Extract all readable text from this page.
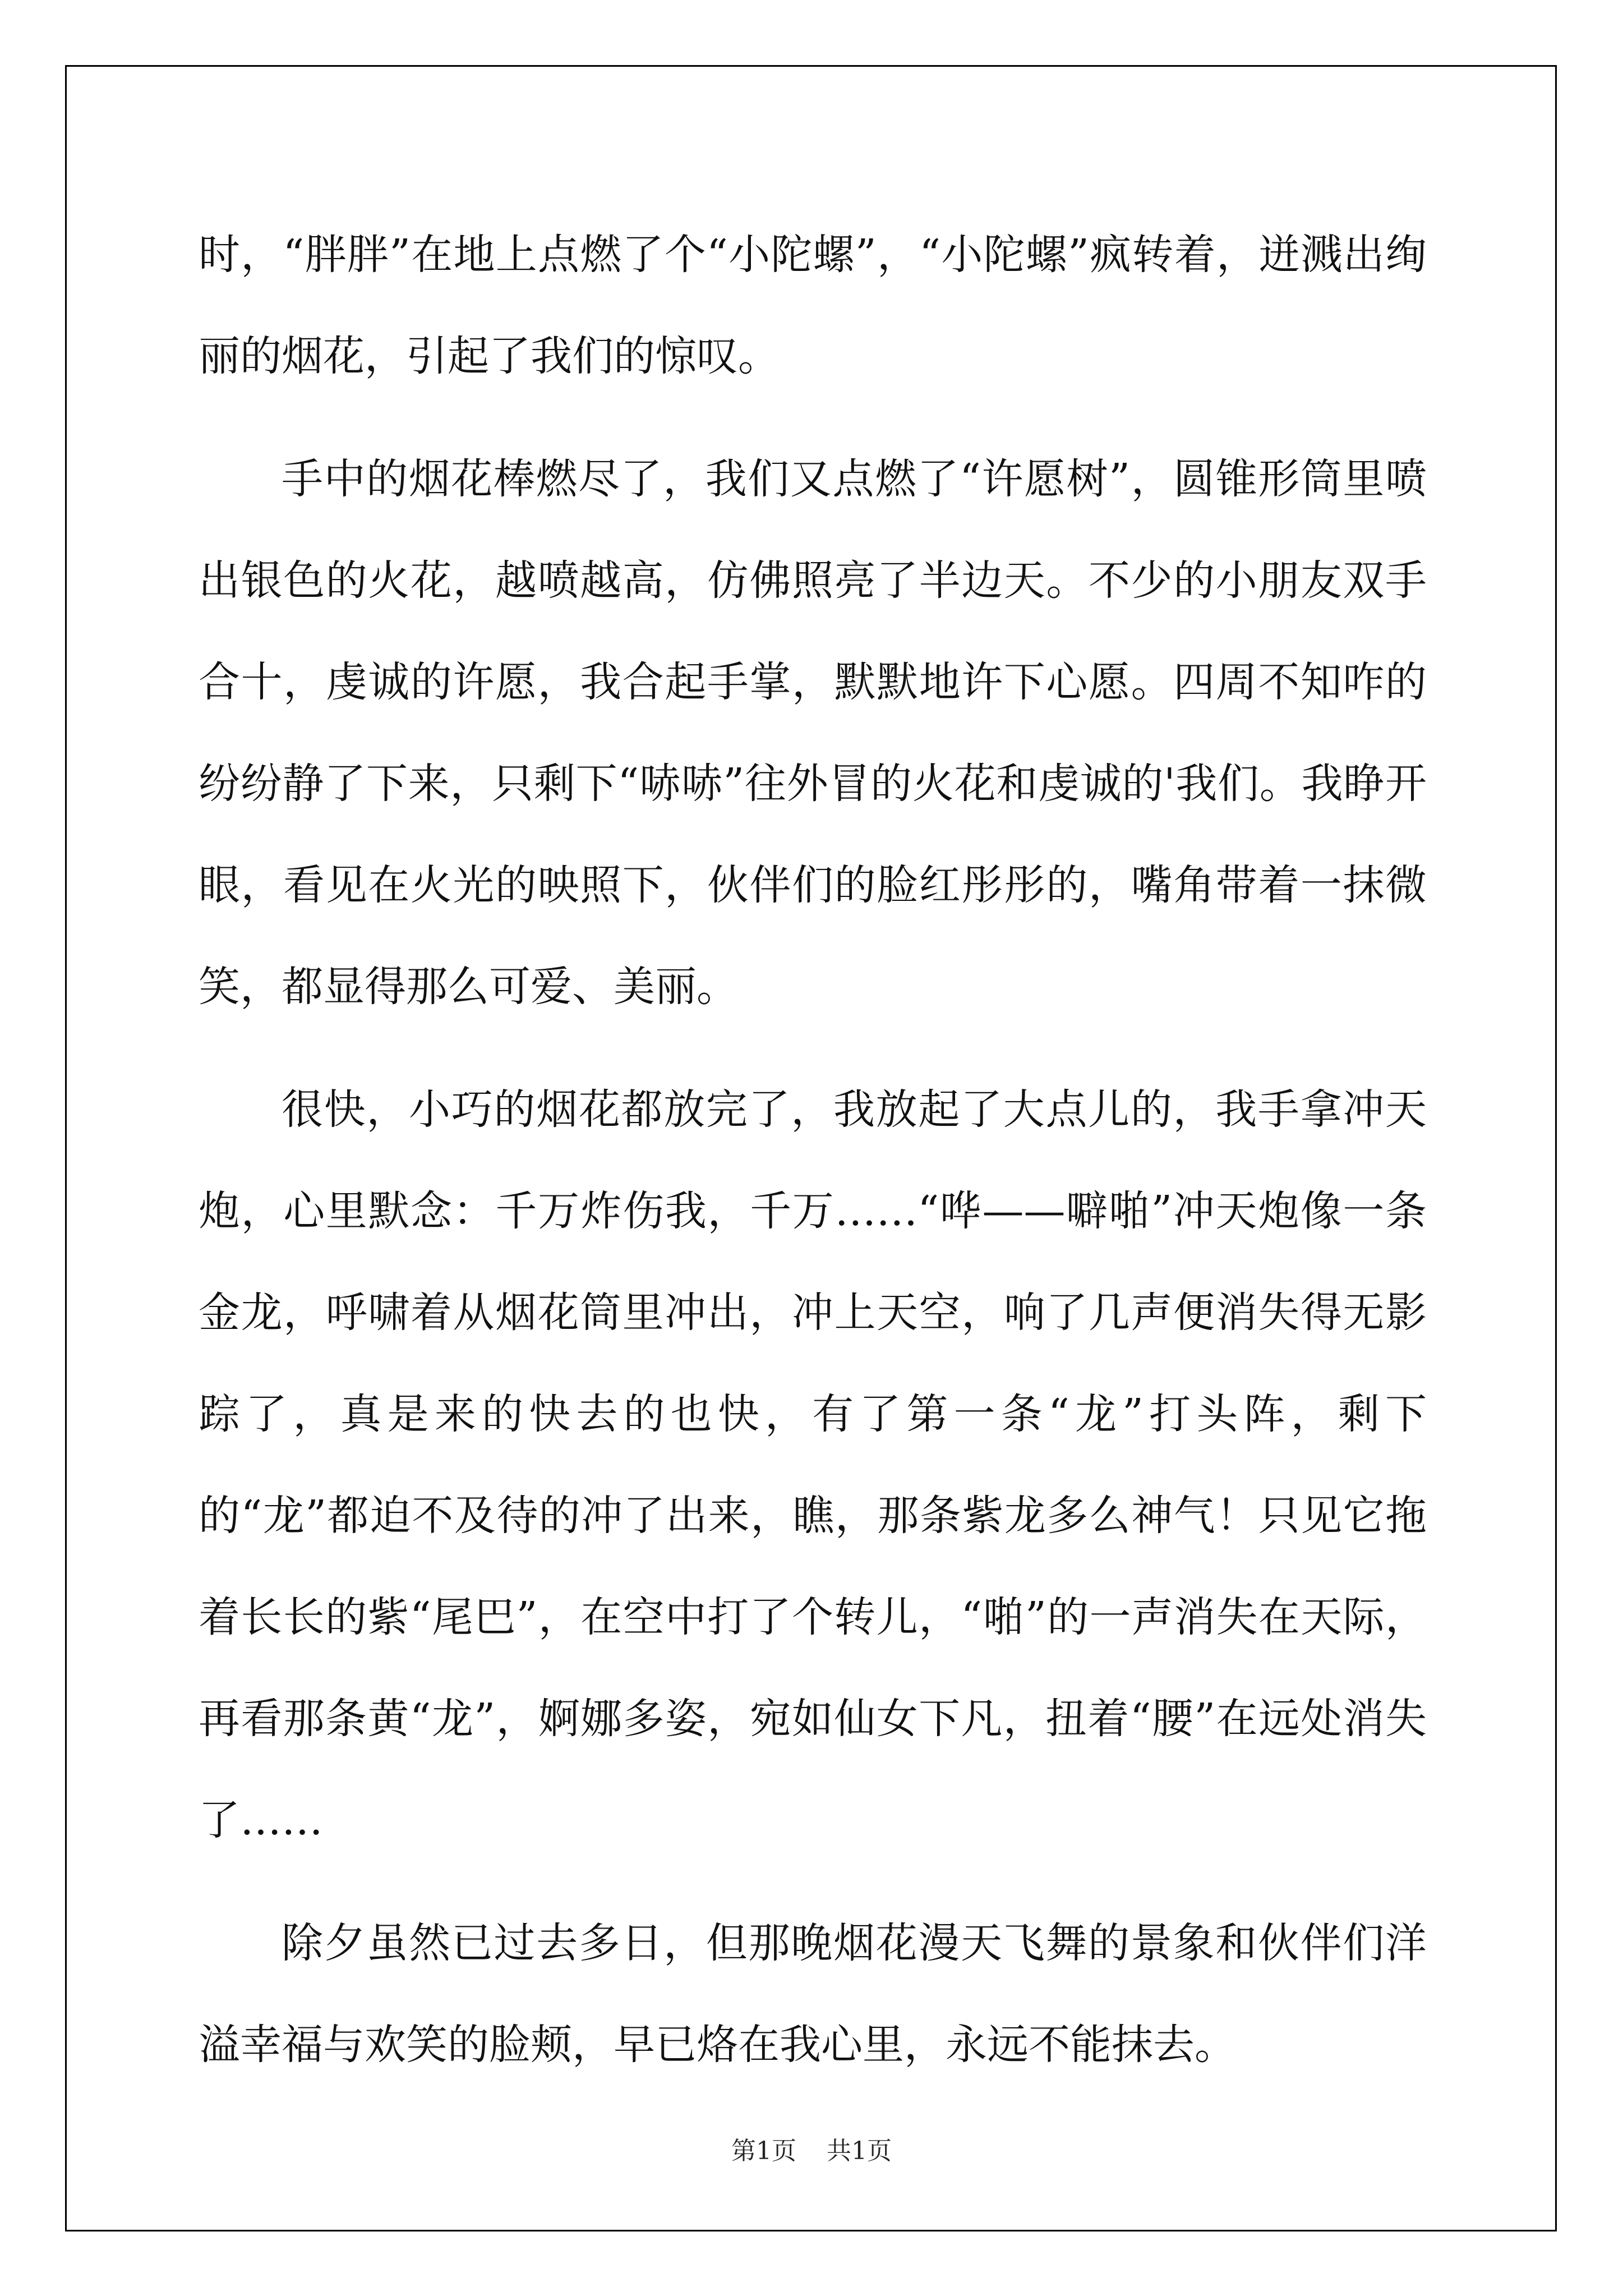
时，“胖胖”在地上点燃了个“小陀螺”，“小陀螺”疯转着，迸溅出绚丽的烟花，引起了我们的惊叹。

手中的烟花棒燃尽了，我们又点燃了“许愿树”，圆锥形筒里喷出银色的火花，越喷越高，仿佛照亮了半边天。不少的小朋友双手合十，虔诚的许愿，我合起手掌，默默地许下心愿。四周不知咋的纷纷静了下来，只剩下“哧哧”往外冒的火花和虔诚的'我们。我睁开眼，看见在火光的映照下，伙伴们的脸红彤彤的，嘴角带着一抹微笑，都显得那么可爱、美丽。

很快，小巧的烟花都放完了，我放起了大点儿的，我手拿冲天炮，心里默念：千万炸伤我，千万……“哗——噼啪”冲天炮像一条金龙，呼啸着从烟花筒里冲出，冲上天空，响了几声便消失得无影踪了，真是来的快去的也快，有了第一条“龙”打头阵，剩下的“龙”都迫不及待的冲了出来，瞧，那条紫龙多么神气！只见它拖着长长的紫“尾巴”，在空中打了个转儿，“啪”的一声消失在天际，再看那条黄“龙”，婀娜多姿，宛如仙女下凡，扭着“腰”在远处消失了……

除夕虽然已过去多日，但那晚烟花漫天飞舞的景象和伙伴们洋溢幸福与欢笑的脸颊，早已烙在我心里，永远不能抹去。

第1页 共1页
